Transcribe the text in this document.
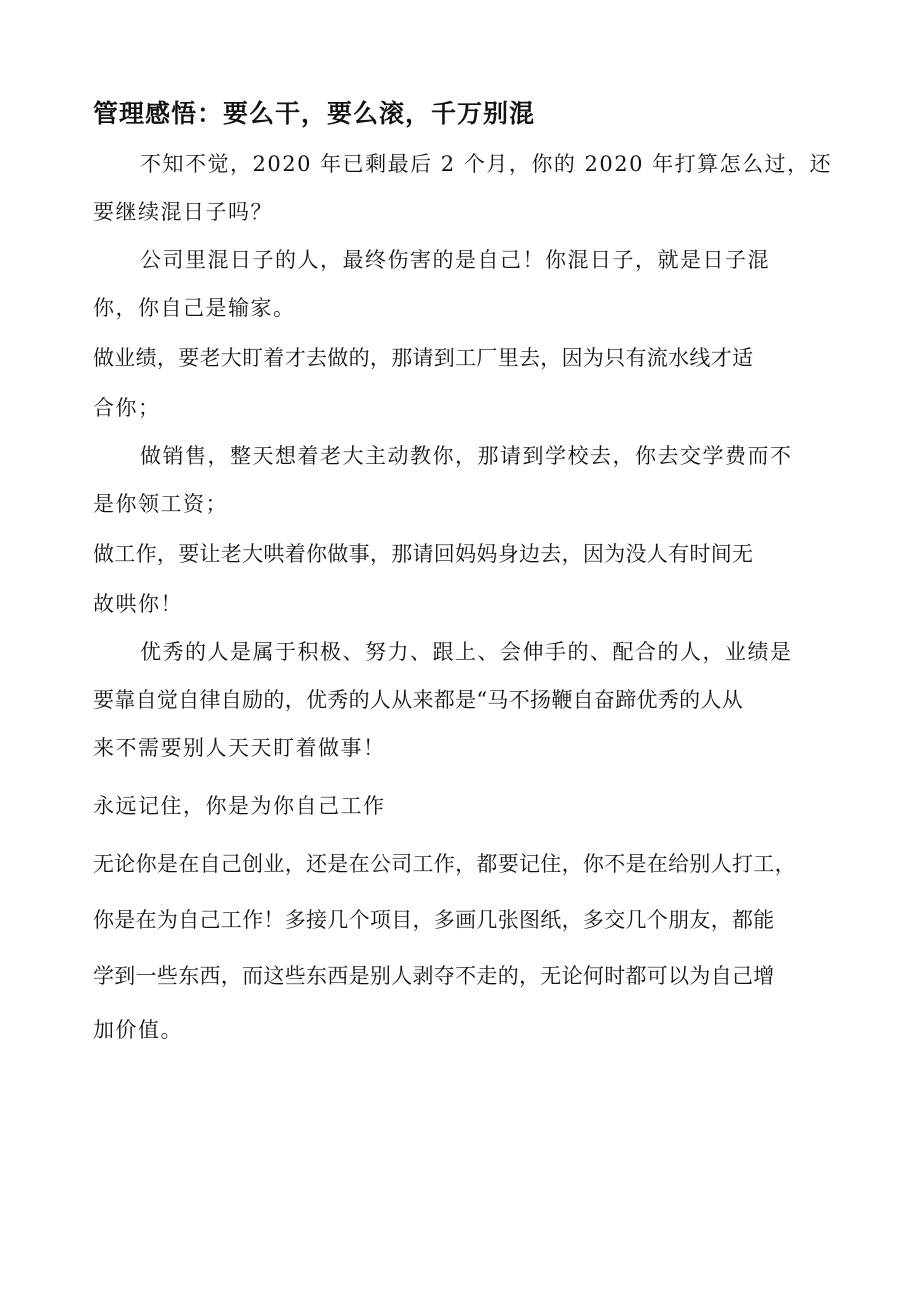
管理感悟：要么干，要么滚，千万别混

不知不觉，2020 年已剩最后 2 个月，你的 2020 年打算怎么过，还

要继续混日子吗？

公司里混日子的人，最终伤害的是自己！你混日子，就是日子混

你，你自己是输家。

做业绩，要老大盯着才去做的，那请到工厂里去，因为只有流水线才适

合你；

做销售，整天想着老大主动教你，那请到学校去，你去交学费而不

是你领工资；

做工作，要让老大哄着你做事，那请回妈妈身边去，因为没人有时间无

故哄你！

优秀的人是属于积极、努力、跟上、会伸手的、配合的人，业绩是

要靠自觉自律自励的，优秀的人从来都是“马不扬鞭自奋蹄优秀的人从

来不需要别人天天盯着做事！

永远记住，你是为你自己工作

无论你是在自己创业，还是在公司工作，都要记住，你不是在给别人打工，

你是在为自己工作！多接几个项目，多画几张图纸，多交几个朋友，都能

学到一些东西，而这些东西是别人剥夺不走的，无论何时都可以为自己增

加价值。
